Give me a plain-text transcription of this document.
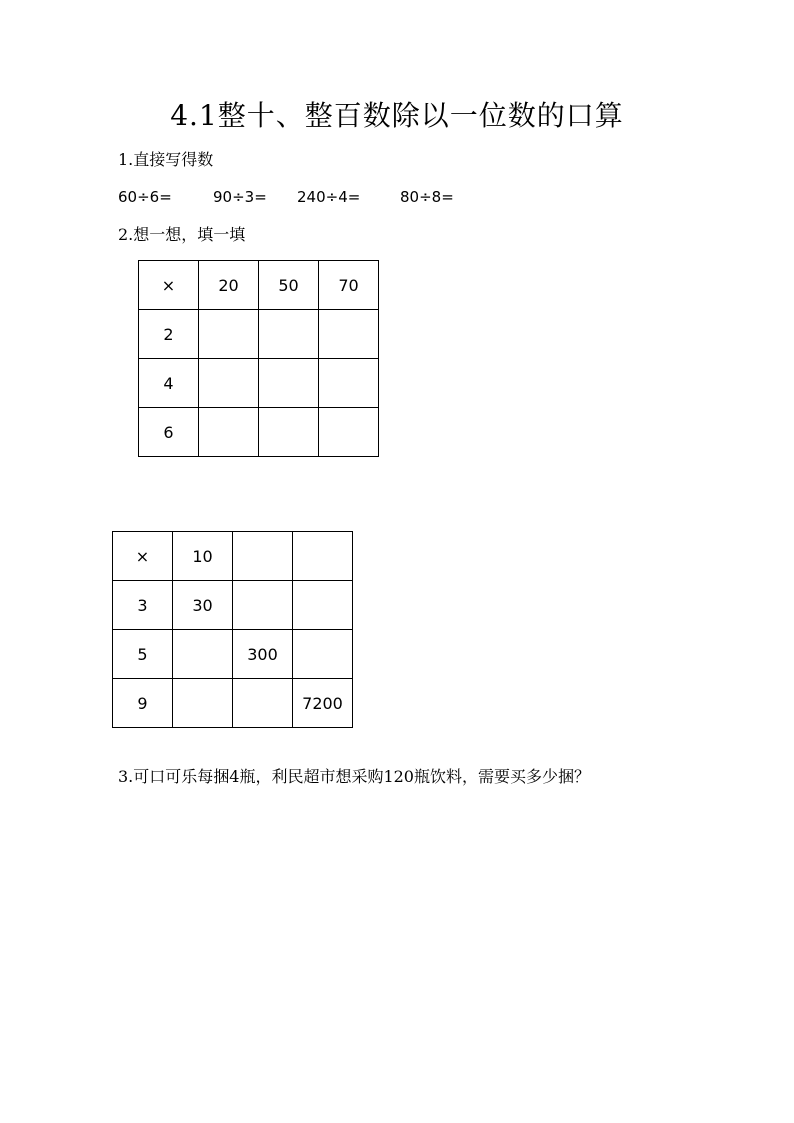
4.1整十、整百数除以一位数的口算
1.直接写得数
60÷6=	90÷3= 240÷4=	80÷8=
2.想一想，填一填
×	20	50	70
2			
4			
6			
×	10		
3	30		
5		300	
9			7200
3.可口可乐每捆4瓶，利民超市想采购120瓶饮料，需要买多少捆？
